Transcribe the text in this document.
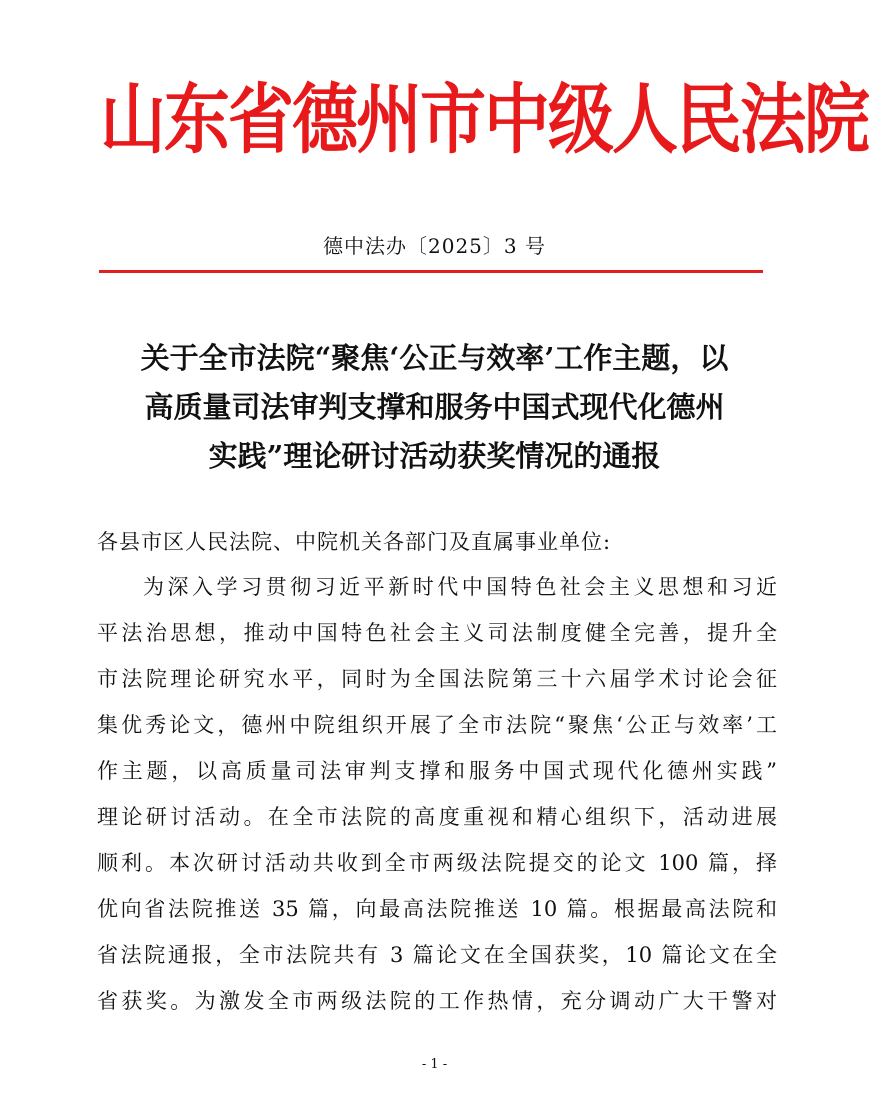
山东省德州市中级人民法院
德中法办〔2025〕3 号
关于全市法院“聚焦‘公正与效率’工作主题，以
高质量司法审判支撑和服务中国式现代化德州
实践”理论研讨活动获奖情况的通报
各县市区人民法院、中院机关各部门及直属事业单位:
为深入学习贯彻习近平新时代中国特色社会主义思想和习近
平法治思想，推动中国特色社会主义司法制度健全完善，提升全
市法院理论研究水平，同时为全国法院第三十六届学术讨论会征
集优秀论文，德州中院组织开展了全市法院“聚焦‘公正与效率’工
作主题，以高质量司法审判支撑和服务中国式现代化德州实践”
理论研讨活动。在全市法院的高度重视和精心组织下，活动进展
顺利。本次研讨活动共收到全市两级法院提交的论文 100 篇，择
优向省法院推送 35 篇，向最高法院推送 10 篇。根据最高法院和
省法院通报，全市法院共有 3 篇论文在全国获奖，10 篇论文在全
省获奖。为激发全市两级法院的工作热情，充分调动广大干警对
- 1 -
